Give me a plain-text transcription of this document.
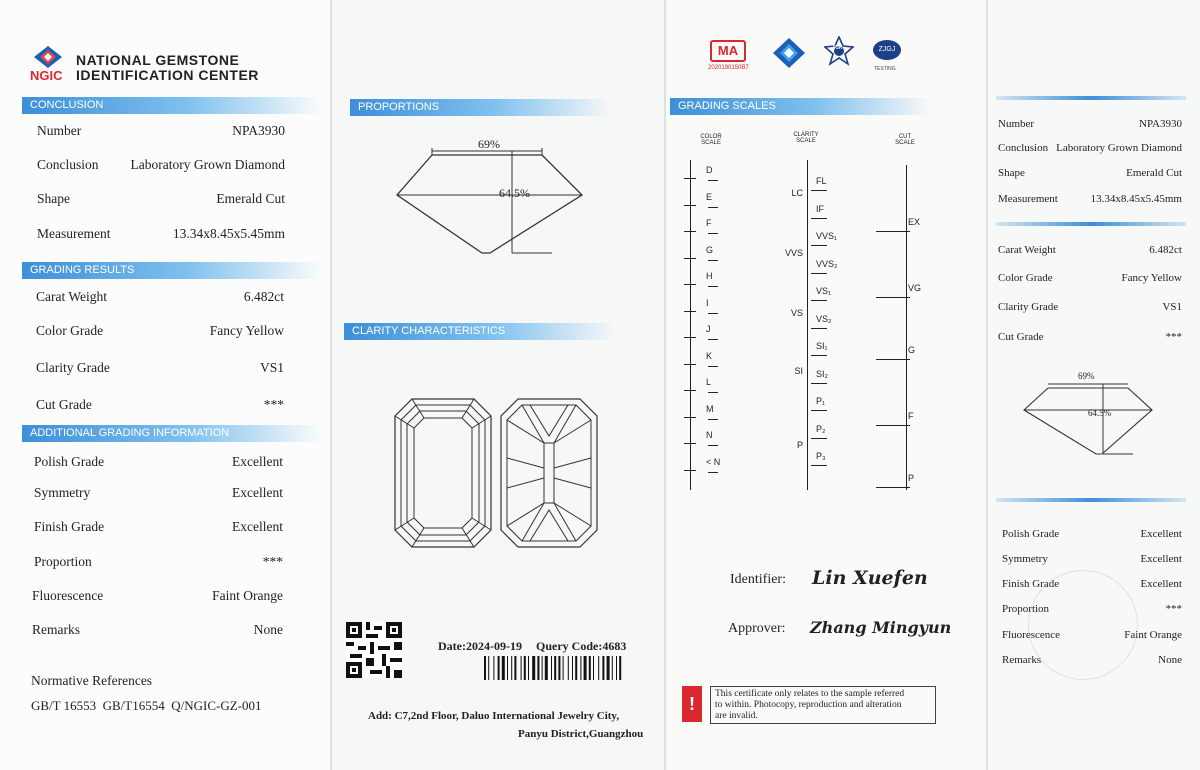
NGIC
NATIONAL GEMSTONE
IDENTIFICATION CENTER
CONCLUSION
Number	NPA3930
Conclusion Laboratory Grown Diamond
Shape	Emerald Cut
Measurement	13.34x8.45x5.45mm
GRADING RESULTS
Carat Weight	6.482ct
Color Grade	Fancy Yellow
Clarity Grade	VS1
Cut Grade	***
ADDITIONAL GRADING INFORMATION
Polish Grade	Excellent
Symmetry	Excellent
Finish Grade	Excellent
Proportion	***
Fluorescence	Faint Orange
Remarks	None
Normative References
GB/T 16553  GB/T16554  Q/NGIC-GZ-001
PROPORTIONS
69%
64.5%
CLARITY CHARACTERISTICS
Date:2024-09-19 Query Code:4683
Add: C7,2nd Floor, Daluo International Jewelry City,
Panyu District,Guangzhou
MA
2020190150B7
FJK	ZJGJ
TESTING
GRADING SCALES
COLOR
SCALE
CLARITY
SCALE
CUT
SCALE
D
E
F
G
H
I
J
K
L
M
N
< N
LC
VVS
VS
SI
P
FL
IF
VVS₁
VVS₂
VS₁
VS₂
SI₁
SI₂
P₁
P₂
P₃
EX
VG
G
F
P
Identifier: Lin Xuefen
Approver: Zhang Mingyun
!	This certificate only relates to the sample referred
to within. Photocopy, reproduction and alteration
are invalid.
Number	NPA3930
Conclusion Laboratory Grown Diamond
Shape	Emerald Cut
Measurement	13.34x8.45x5.45mm
Carat Weight	6.482ct
Color Grade	Fancy Yellow
Clarity Grade	VS1
Cut Grade	***
69%
64.5%
Polish Grade	Excellent
Symmetry	Excellent
Finish Grade	Excellent
Proportion	***
Fluorescence	Faint Orange
Remarks	None
